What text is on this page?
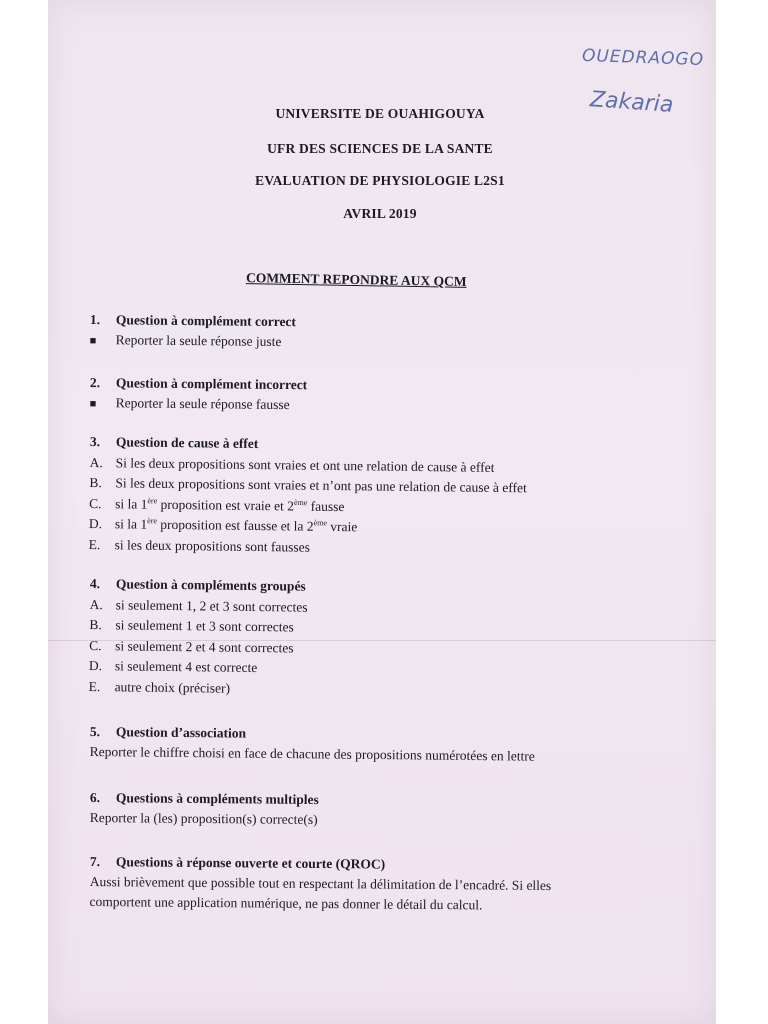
OUEDRAOGO
Zakaria
UNIVERSITE DE OUAHIGOUYA
UFR DES SCIENCES DE LA SANTE
EVALUATION DE PHYSIOLOGIE L2S1
AVRIL 2019
COMMENT REPONDRE AUX QCM
1. Question à complément correct
■ Reporter la seule réponse juste
2. Question à complément incorrect
■ Reporter la seule réponse fausse
3. Question de cause à effet
A. Si les deux propositions sont vraies et ont une relation de cause à effet
B. Si les deux propositions sont vraies et n’ont pas une relation de cause à effet
C. si la 1ère proposition est vraie et 2ème fausse
D. si la 1ère proposition est fausse et la 2ème vraie
E. si les deux propositions sont fausses
4. Question à compléments groupés
A. si seulement 1, 2 et 3 sont correctes
B. si seulement 1 et 3 sont correctes
C. si seulement 2 et 4 sont correctes
D. si seulement 4 est correcte
E. autre choix (préciser)
5. Question d’association
Reporter le chiffre choisi en face de chacune des propositions numérotées en lettre
6. Questions à compléments multiples
Reporter la (les) proposition(s) correcte(s)
7. Questions à réponse ouverte et courte (QROC)
Aussi brièvement que possible tout en respectant la délimitation de l’encadré. Si elles
comportent une application numérique, ne pas donner le détail du calcul.
